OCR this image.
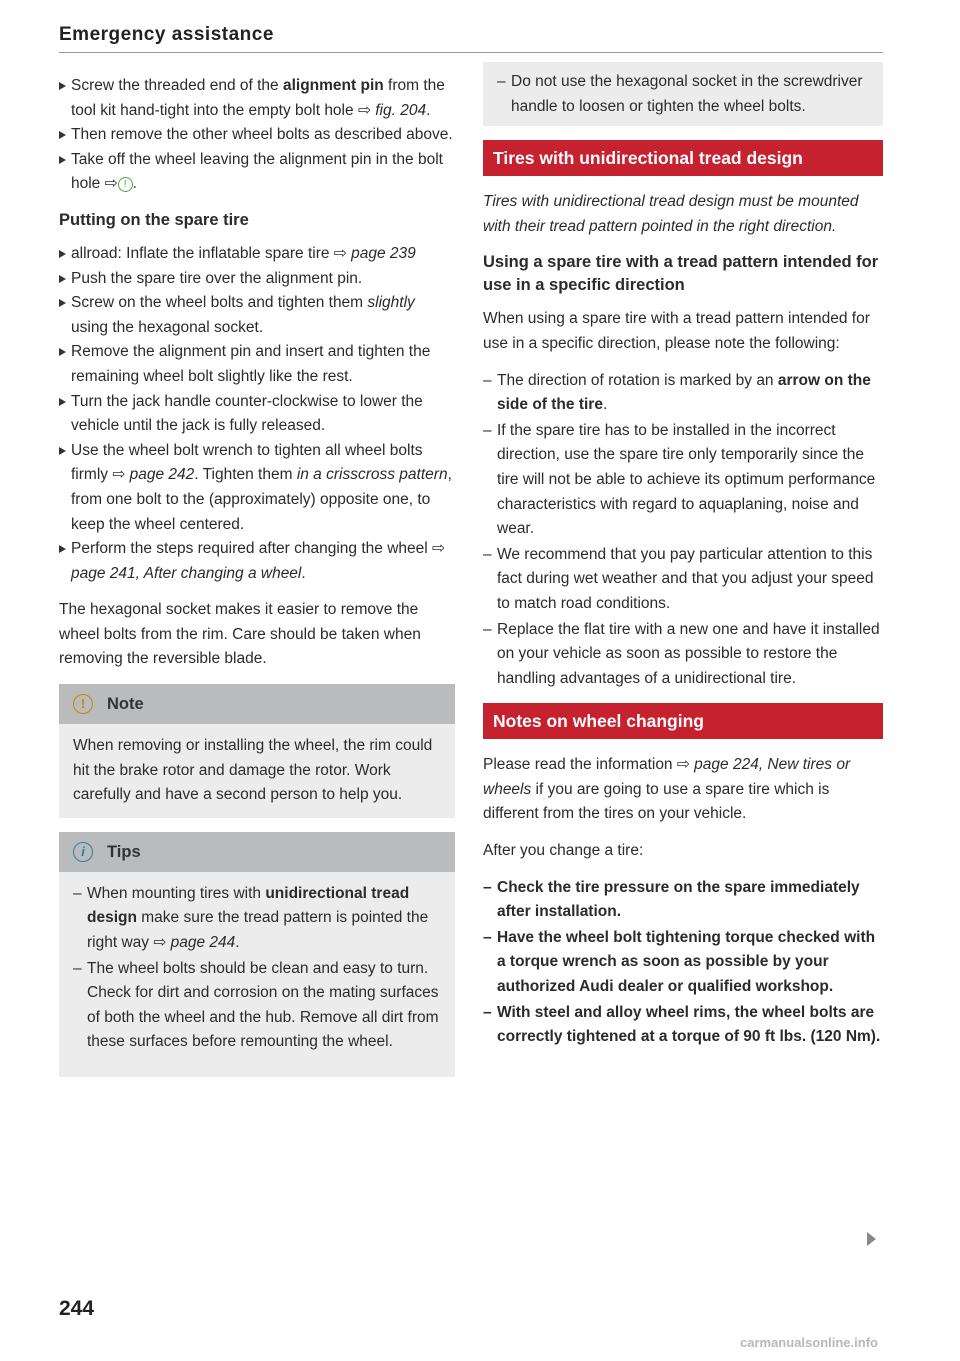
Emergency assistance
Screw the threaded end of the alignment pin from the tool kit hand-tight into the empty bolt hole ⇨ fig. 204.
Then remove the other wheel bolts as described above.
Take off the wheel leaving the alignment pin in the bolt hole ⇨ ! .
Putting on the spare tire
allroad: Inflate the inflatable spare tire ⇨ page 239
Push the spare tire over the alignment pin.
Screw on the wheel bolts and tighten them slightly using the hexagonal socket.
Remove the alignment pin and insert and tighten the remaining wheel bolt slightly like the rest.
Turn the jack handle counter-clockwise to lower the vehicle until the jack is fully released.
Use the wheel bolt wrench to tighten all wheel bolts firmly ⇨ page 242. Tighten them in a crisscross pattern, from one bolt to the (approximately) opposite one, to keep the wheel centered.
Perform the steps required after changing the wheel ⇨ page 241, After changing a wheel.

The hexagonal socket makes it easier to remove the wheel bolts from the rim. Care should be taken when removing the reversible blade.

!	Note
When removing or installing the wheel, the rim could hit the brake rotor and damage the rotor. Work carefully and have a second person to help you.
i	Tips
– When mounting tires with unidirectional tread design make sure the tread pattern is pointed the right way ⇨ page 244.
– The wheel bolts should be clean and easy to turn. Check for dirt and corrosion on the mating surfaces of both the wheel and the hub. Remove all dirt from these surfaces before remounting the wheel.
– Do not use the hexagonal socket in the screwdriver handle to loosen or tighten the wheel bolts.
Tires with unidirectional tread design

Tires with unidirectional tread design must be mounted with their tread pattern pointed in the right direction.

Using a spare tire with a tread pattern intended for use in a specific direction

When using a spare tire with a tread pattern intended for use in a specific direction, please note the following:

– The direction of rotation is marked by an arrow on the side of the tire.
– If the spare tire has to be installed in the incorrect direction, use the spare tire only temporarily since the tire will not be able to achieve its optimum performance characteristics with regard to aquaplaning, noise and wear.
– We recommend that you pay particular attention to this fact during wet weather and that you adjust your speed to match road conditions.
– Replace the flat tire with a new one and have it installed on your vehicle as soon as possible to restore the handling advantages of a unidirectional tire.
Notes on wheel changing

Please read the information ⇨ page 224, New tires or wheels if you are going to use a spare tire which is different from the tires on your vehicle.

After you change a tire:

– Check the tire pressure on the spare immediately after installation.
– Have the wheel bolt tightening torque checked with a torque wrench as soon as possible by your authorized Audi dealer or qualified workshop.
– With steel and alloy wheel rims, the wheel bolts are correctly tightened at a torque of 90 ft lbs. (120 Nm).
244
carmanualsonline.info
